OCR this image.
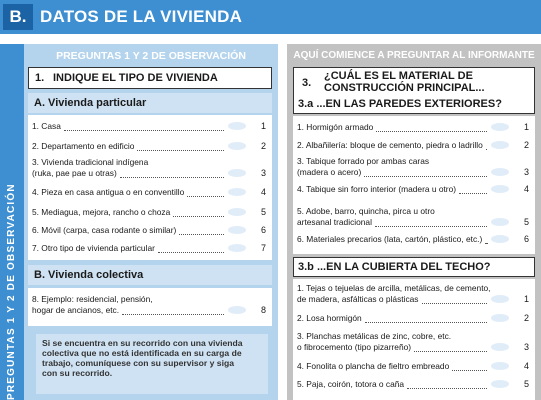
B. DATOS DE LA VIVIENDA
PREGUNTAS 1 Y 2 DE OBSERVACIÓN
PREGUNTAS 1 Y 2 DE OBSERVACIÓN
1. INDIQUE EL TIPO DE VIVIENDA
A. Vivienda particular
1. Casa	1
2. Departamento en edificio	2
3. Vivienda tradicional indígena
(ruka, pae pae u otras)	3
4. Pieza en casa antigua o en conventillo	4
5. Mediagua, mejora, rancho o choza	5
6. Móvil (carpa, casa rodante o similar)	6
7. Otro tipo de vivienda particular	7
B. Vivienda colectiva
8. Ejemplo: residencial, pensión,
hogar de ancianos, etc.	8
Si se encuentra en su recorrido con una vivienda
colectiva que no está identificada en su carga de
trabajo, comuníquese con su supervisor y siga
con su recorrido.
AQUÍ COMIENCE A PREGUNTAR AL INFORMANTE
3.
¿CUÁL ES EL MATERIAL DE
CONSTRUCCIÓN PRINCIPAL...
3.a ...EN LAS PAREDES EXTERIORES?
1. Hormigón armado	1
2. Albañilería: bloque de cemento, piedra o ladrillo	2
3. Tabique forrado por ambas caras
(madera o acero)	3
4. Tabique sin forro interior (madera u otro)	4
5. Adobe, barro, quincha, pirca u otro
artesanal tradicional	5
6. Materiales precarios (lata, cartón, plástico, etc.)	6
3.b ...EN LA CUBIERTA DEL TECHO?
1. Tejas o tejuelas de arcilla, metálicas, de cemento,
de madera, asfálticas o plásticas	1
2. Losa hormigón	2
3. Planchas metálicas de zinc, cobre, etc.
o fibrocemento (tipo pizarreño)	3
4. Fonolita o plancha de fieltro embreado	4
5. Paja, coirón, totora o caña	5
